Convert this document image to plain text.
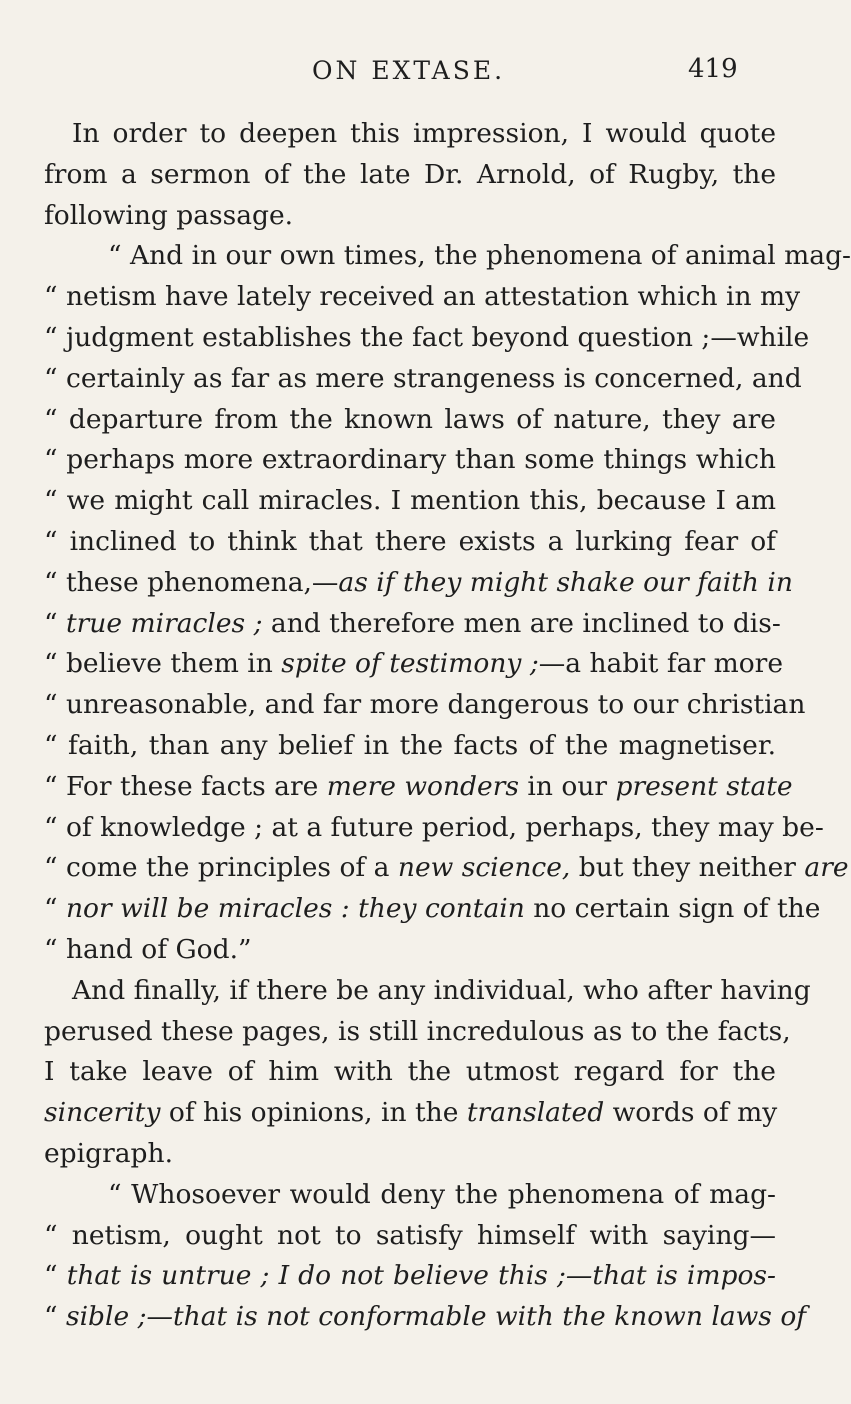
ON EXTASE.	419
In order to deepen this impression, I would quote
from a sermon of the late Dr. Arnold, of Rugby, the
following passage.
“ And in our own times, the phenomena of animal mag-
“ netism have lately received an attestation which in my
“ judgment establishes the fact beyond question ;—while
“ certainly as far as mere strangeness is concerned, and
“ departure from the known laws of nature, they are
“ perhaps more extraordinary than some things which
“ we might call miracles. I mention this, because I am
“ inclined to think that there exists a lurking fear of
“ these phenomena,—as if they might shake our faith in
“ true miracles ; and therefore men are inclined to dis-
“ believe them in spite of testimony ;—a habit far more
“ unreasonable, and far more dangerous to our christian
“ faith, than any belief in the facts of the magnetiser.
“ For these facts are mere wonders in our present state
“ of knowledge ; at a future period, perhaps, they may be-
“ come the principles of a new science, but they neither are
“ nor will be miracles : they contain no certain sign of the
“ hand of God.”
And finally, if there be any individual, who after having
perused these pages, is still incredulous as to the facts,
I take leave of him with the utmost regard for the
sincerity of his opinions, in the translated words of my
epigraph.
“ Whosoever would deny the phenomena of mag-
“ netism, ought not to satisfy himself with saying—
“ that is untrue ; I do not believe this ;—that is impos-
“ sible ;—that is not conformable with the known laws of
